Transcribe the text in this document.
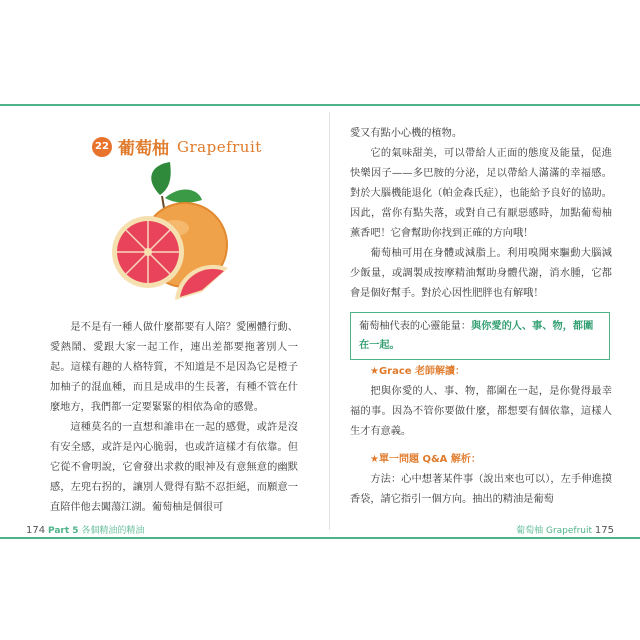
22 葡萄柚 Grapefruit

是不是有一種人做什麼都要有人陪？愛團體行動、愛熱鬧、愛跟大家一起工作，連出差都要拖著別人一起。這樣有趣的人格特質，不知道是不是因為它是橙子加柚子的混血種，而且是成串的生長著，有種不管在什麼地方，我們都一定要緊緊的相依為命的感覺。

這種莫名的一直想和誰串在一起的感覺，或許是沒有安全感，或許是內心脆弱，也或許這樣才有依靠。但它從不會明說，它會發出求救的眼神及有意無意的幽默感，左兜右拐的，讓別人覺得有點不忍拒絕，而願意一直陪伴他去闖蕩江湖。葡萄柚是個很可

174 Part 5 各個精油的精油

愛又有點小心機的植物。

它的氣味甜美，可以帶給人正面的態度及能量，促進快樂因子——多巴胺的分泌，足以帶給人滿滿的幸福感。對於大腦機能退化（帕金森氏症），也能給予良好的協助。因此，當你有點失落，或對自己有厭惡感時，加點葡萄柚薰香吧！它會幫助你找到正確的方向哦！

葡萄柚可用在身體或減脂上。利用嗅聞來驅動大腦減少飯量，或調製成按摩精油幫助身體代謝，消水腫，它都會是個好幫手。對於心因性肥胖也有解哦！

葡萄柚代表的心靈能量：與你愛的人、事、物，都圍在一起。

★Grace 老師解讀：

把與你愛的人、事、物，都圍在一起，是你覺得最幸福的事。因為不管你要做什麼，都想要有個依靠，這樣人生才有意義。

★單一問題 Q&A 解析：

方法：心中想著某件事（說出來也可以），左手伸進摸香袋，請它指引一個方向。抽出的精油是葡萄

葡萄柚 Grapefruit 175
